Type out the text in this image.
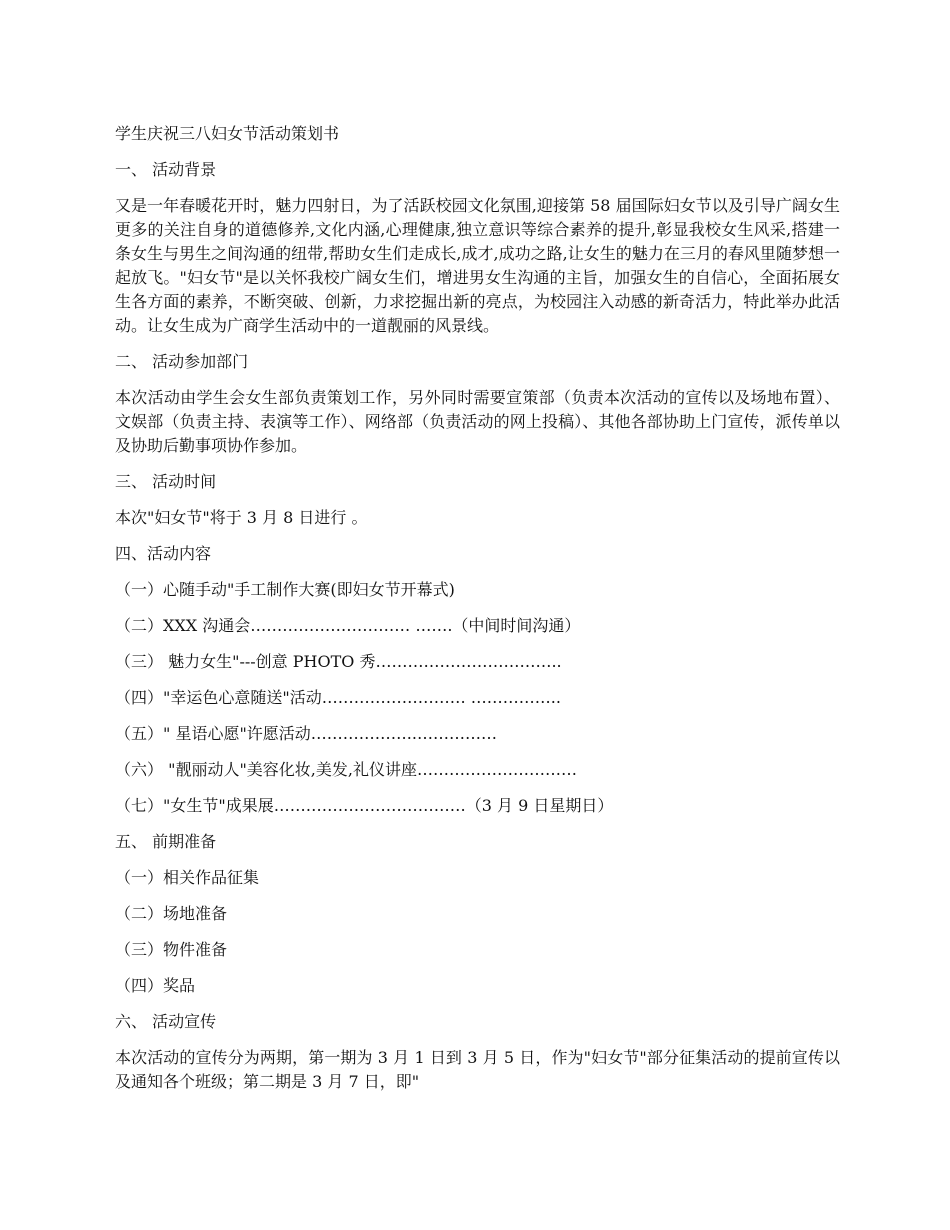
学生庆祝三八妇女节活动策划书
一、 活动背景
又是一年春暖花开时，魅力四射日，为了活跃校园文化氛围,迎接第 58 届国际妇女节以及引导广阔女生更多的关注自身的道德修养,文化内涵,心理健康,独立意识等综合素养的提升,彰显我校女生风采,搭建一条女生与男生之间沟通的纽带,帮助女生们走成长,成才,成功之路,让女生的魅力在三月的春风里随梦想一起放飞。"妇女节"是以关怀我校广阔女生们，增进男女生沟通的主旨，加强女生的自信心，全面拓展女生各方面的素养，不断突破、创新，力求挖掘出新的亮点，为校园注入动感的新奇活力，特此举办此活动。让女生成为广商学生活动中的一道靓丽的风景线。
二、 活动参加部门
本次活动由学生会女生部负责策划工作，另外同时需要宣策部（负责本次活动的宣传以及场地布置）、文娱部（负责主持、表演等工作）、网络部（负责活动的网上投稿）、其他各部协助上门宣传，派传单以及协助后勤事项协作参加。
三、 活动时间
本次"妇女节"将于 3 月 8 日进行 。
四、活动内容
（一）心随手动"手工制作大赛(即妇女节开幕式)
（二）XXX 沟通会………………………… …….（中间时间沟通）
（三） 魅力女生"---创意 PHOTO 秀……………………………..
（四）"幸运色心意随送"活动……………………… ……………..
（五）" 星语心愿"许愿活动………………..……………
（六） "靓丽动人"美容化妆,美发,礼仪讲座…………………………
（七）"女生节"成果展………………………………（3 月 9 日星期日）
五、 前期准备
（一）相关作品征集
（二）场地准备
（三）物件准备
（四）奖品
六、 活动宣传
本次活动的宣传分为两期，第一期为 3 月 1 日到 3 月 5 日，作为"妇女节"部分征集活动的提前宣传以及通知各个班级；第二期是 3 月 7 日，即"
